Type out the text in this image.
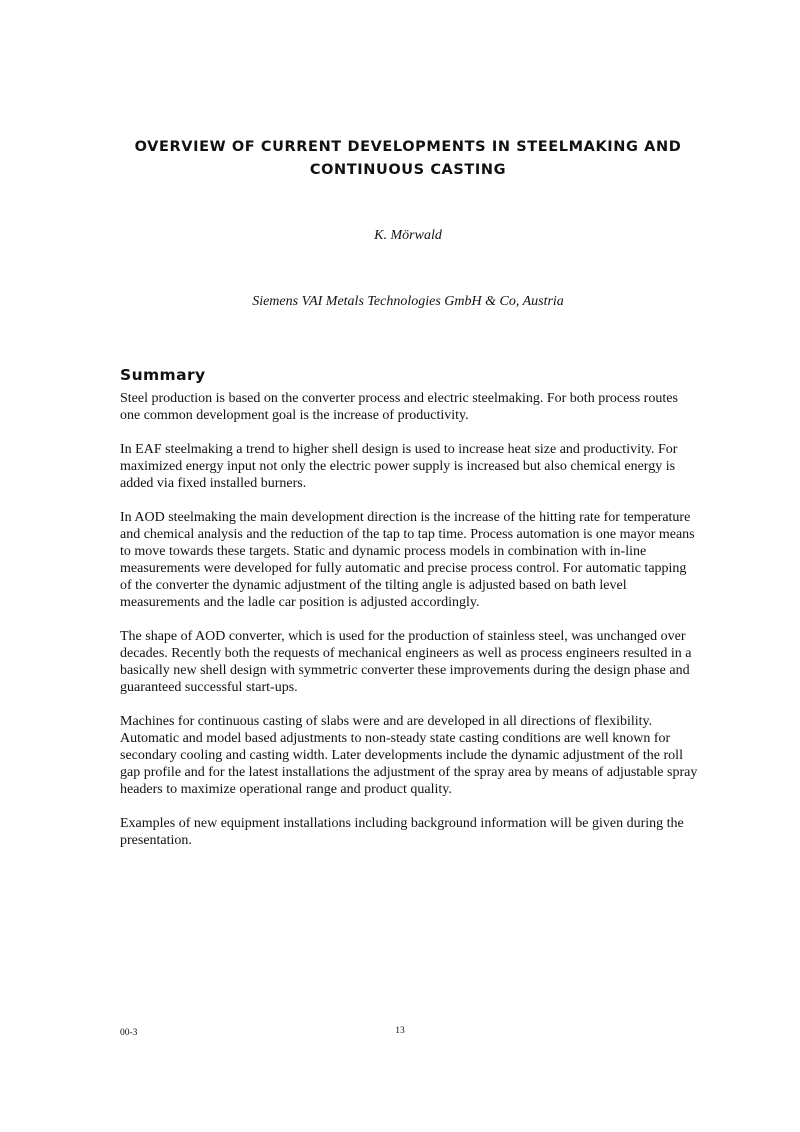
OVERVIEW OF CURRENT DEVELOPMENTS IN STEELMAKING AND
CONTINUOUS CASTING
K. Mörwald
Siemens VAI Metals Technologies GmbH & Co, Austria
Summary

Steel production is based on the converter process and electric steelmaking. For both process routes one common development goal is the increase of productivity.

In EAF steelmaking a trend to higher shell design is used to increase heat size and productivity. For maximized energy input not only the electric power supply is increased but also chemical energy is added via fixed installed burners.

In AOD steelmaking the main development direction is the increase of the hitting rate for temperature and chemical analysis and the reduction of the tap to tap time. Process automation is one mayor means to move towards these targets. Static and dynamic process models in combination with in-line measurements were developed for fully automatic and precise process control. For automatic tapping of the converter the dynamic adjustment of the tilting angle is adjusted based on bath level measurements and the ladle car position is adjusted accordingly.

The shape of AOD converter, which is used for the production of stainless steel, was unchanged over decades. Recently both the requests of mechanical engineers as well as process engineers resulted in a basically new shell design with symmetric converter these improvements during the design phase and guaranteed successful start-ups.

Machines for continuous casting of slabs were and are developed in all directions of flexibility. Automatic and model based adjustments to non-steady state casting conditions are well known for secondary cooling and casting width. Later developments include the dynamic adjustment of the roll gap profile and for the latest installations the adjustment of the spray area by means of adjustable spray headers to maximize operational range and product quality.

Examples of new equipment installations including background information will be given during the presentation.

00-3	13
